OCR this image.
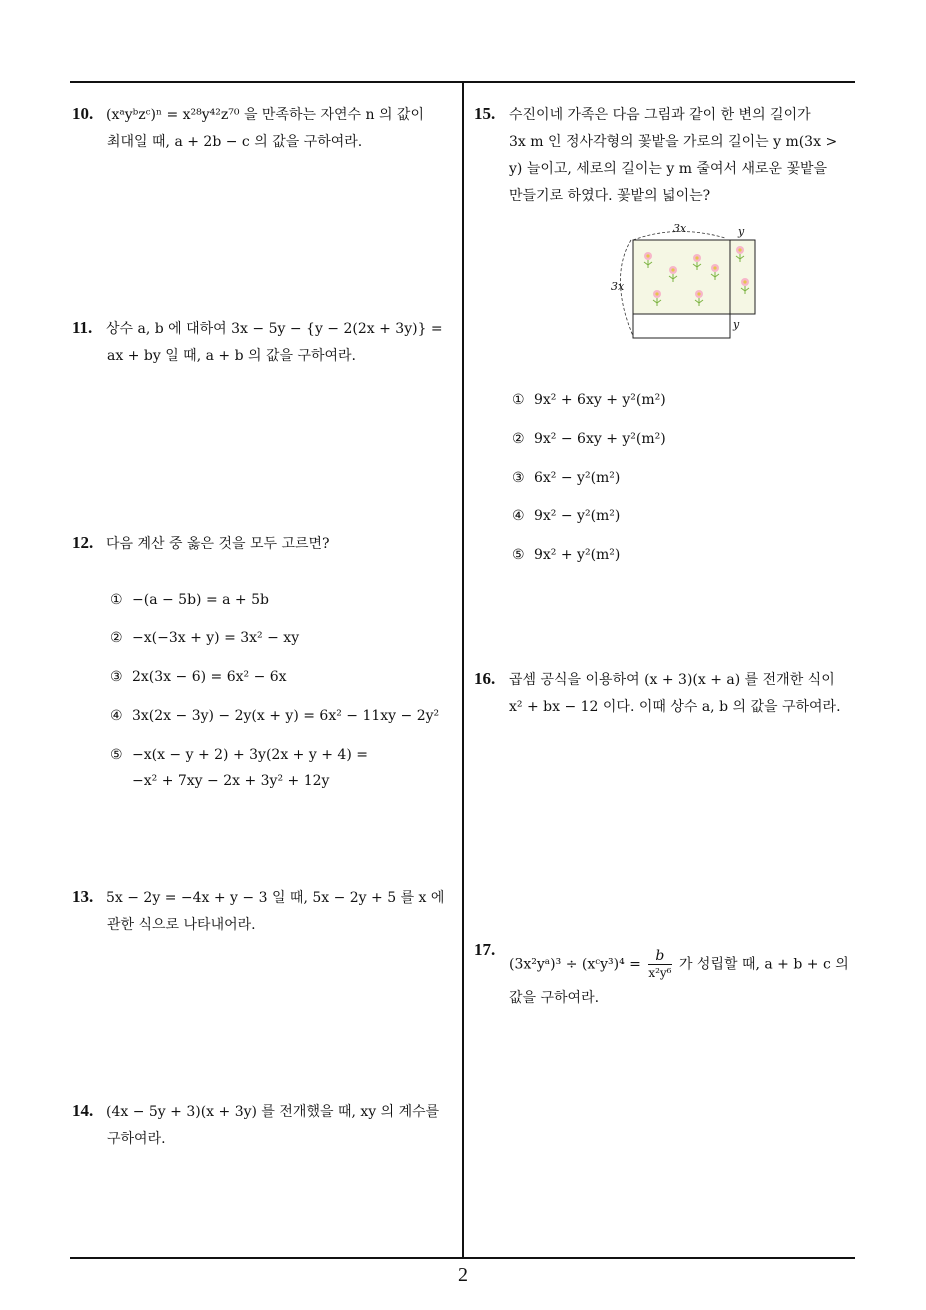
10. (xᵃyᵇzᶜ)ⁿ = x²⁸y⁴²z⁷⁰ 을 만족하는 자연수 n 의 값이
최대일 때, a + 2b − c 의 값을 구하여라.
11. 상수 a, b 에 대하여 3x − 5y − {y − 2(2x + 3y)} =
ax + by 일 때, a + b 의 값을 구하여라.
12. 다음 계산 중 옳은 것을 모두 고르면?
① −(a − 5b) = a + 5b
② −x(−3x + y) = 3x² − xy
③ 2x(3x − 6) = 6x² − 6x
④ 3x(2x − 3y) − 2y(x + y) = 6x² − 11xy − 2y²
⑤ −x(x − y + 2) + 3y(2x + y + 4) =
−x² + 7xy − 2x + 3y² + 12y
13. 5x − 2y = −4x + y − 3 일 때, 5x − 2y + 5 를 x 에
관한 식으로 나타내어라.
14. (4x − 5y + 3)(x + 3y) 를 전개했을 때, xy 의 계수를
구하여라.
15. 수진이네 가족은 다음 그림과 같이 한 변의 길이가
3x m 인 정사각형의 꽃밭을 가로의 길이는 y m(3x >
y) 늘이고, 세로의 길이는 y m 줄여서 새로운 꽃밭을
만들기로 하였다. 꽃밭의 넓이는?
3x	y
3x
y
① 9x² + 6xy + y²(m²)
② 9x² − 6xy + y²(m²)
③ 6x² − y²(m²)
④ 9x² − y²(m²)
⑤ 9x² + y²(m²)
16. 곱셈 공식을 이용하여 (x + 3)(x + a) 를 전개한 식이
x² + bx − 12 이다. 이때 상수 a, b 의 값을 구하여라.
17.
(3x²yᵃ)³ ÷ (xᶜy³)⁴ = $\frac{b}{\text{x²y⁶}}$ 가 성립할 때, a + b + c 의
값을 구하여라.
2
